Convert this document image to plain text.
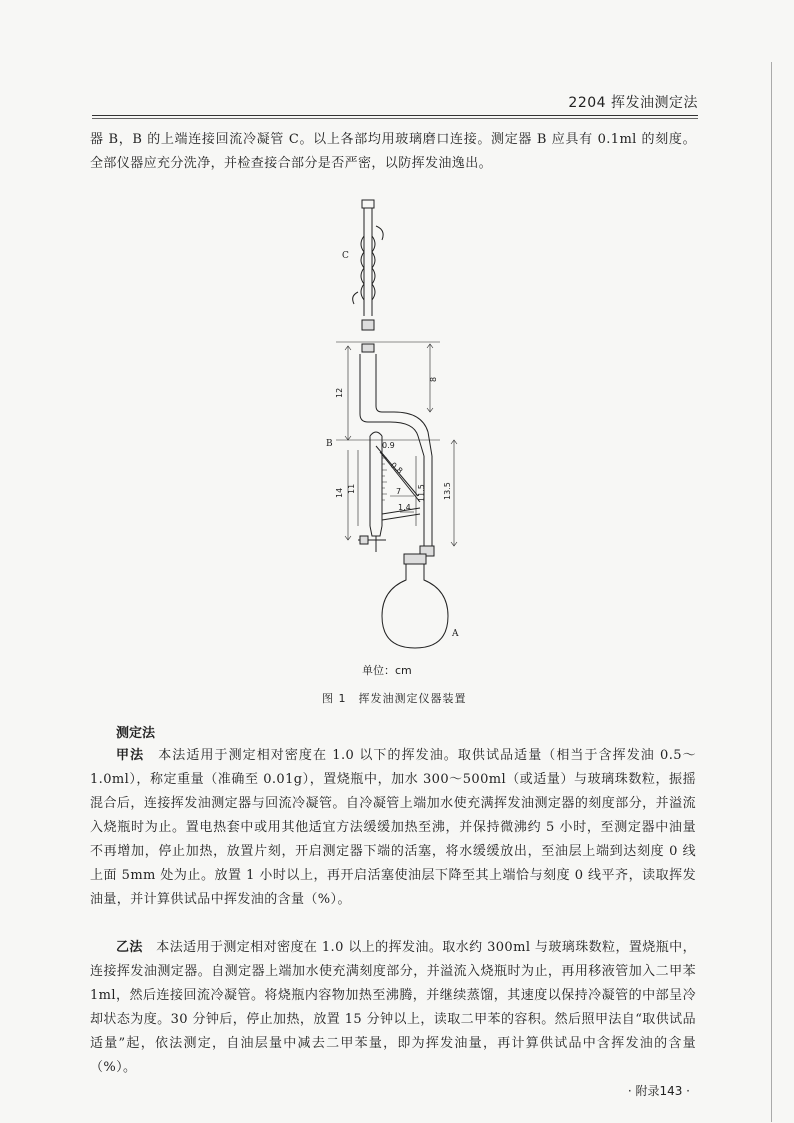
2204 挥发油测定法

器 B，B 的上端连接回流冷凝管 C。以上各部均用玻璃磨口连接。测定器 B 应具有 0.1ml 的刻度。全部仪器应充分洗净，并检查接合部分是否严密，以防挥发油逸出。

C
B
A
8
12
14 11	11.5 13.5
0.9
0.8
7
1.4
单位：cm
图 1　挥发油测定仪器装置
测定法

甲法　本法适用于测定相对密度在 1.0 以下的挥发油。取供试品适量（相当于含挥发油 0.5～1.0ml），称定重量（准确至 0.01g），置烧瓶中，加水 300～500ml（或适量）与玻璃珠数粒，振摇混合后，连接挥发油测定器与回流冷凝管。自冷凝管上端加水使充满挥发油测定器的刻度部分，并溢流入烧瓶时为止。置电热套中或用其他适宜方法缓缓加热至沸，并保持微沸约 5 小时，至测定器中油量不再增加，停止加热，放置片刻，开启测定器下端的活塞，将水缓缓放出，至油层上端到达刻度 0 线上面 5mm 处为止。放置 1 小时以上，再开启活塞使油层下降至其上端恰与刻度 0 线平齐，读取挥发油量，并计算供试品中挥发油的含量（%）。

乙法　本法适用于测定相对密度在 1.0 以上的挥发油。取水约 300ml 与玻璃珠数粒，置烧瓶中，连接挥发油测定器。自测定器上端加水使充满刻度部分，并溢流入烧瓶时为止，再用移液管加入二甲苯 1ml，然后连接回流冷凝管。将烧瓶内容物加热至沸腾，并继续蒸馏，其速度以保持冷凝管的中部呈冷却状态为度。30 分钟后，停止加热，放置 15 分钟以上，读取二甲苯的容积。然后照甲法自“取供试品适量”起，依法测定，自油层量中减去二甲苯量，即为挥发油量，再计算供试品中含挥发油的含量（%）。

· 附录143 ·
